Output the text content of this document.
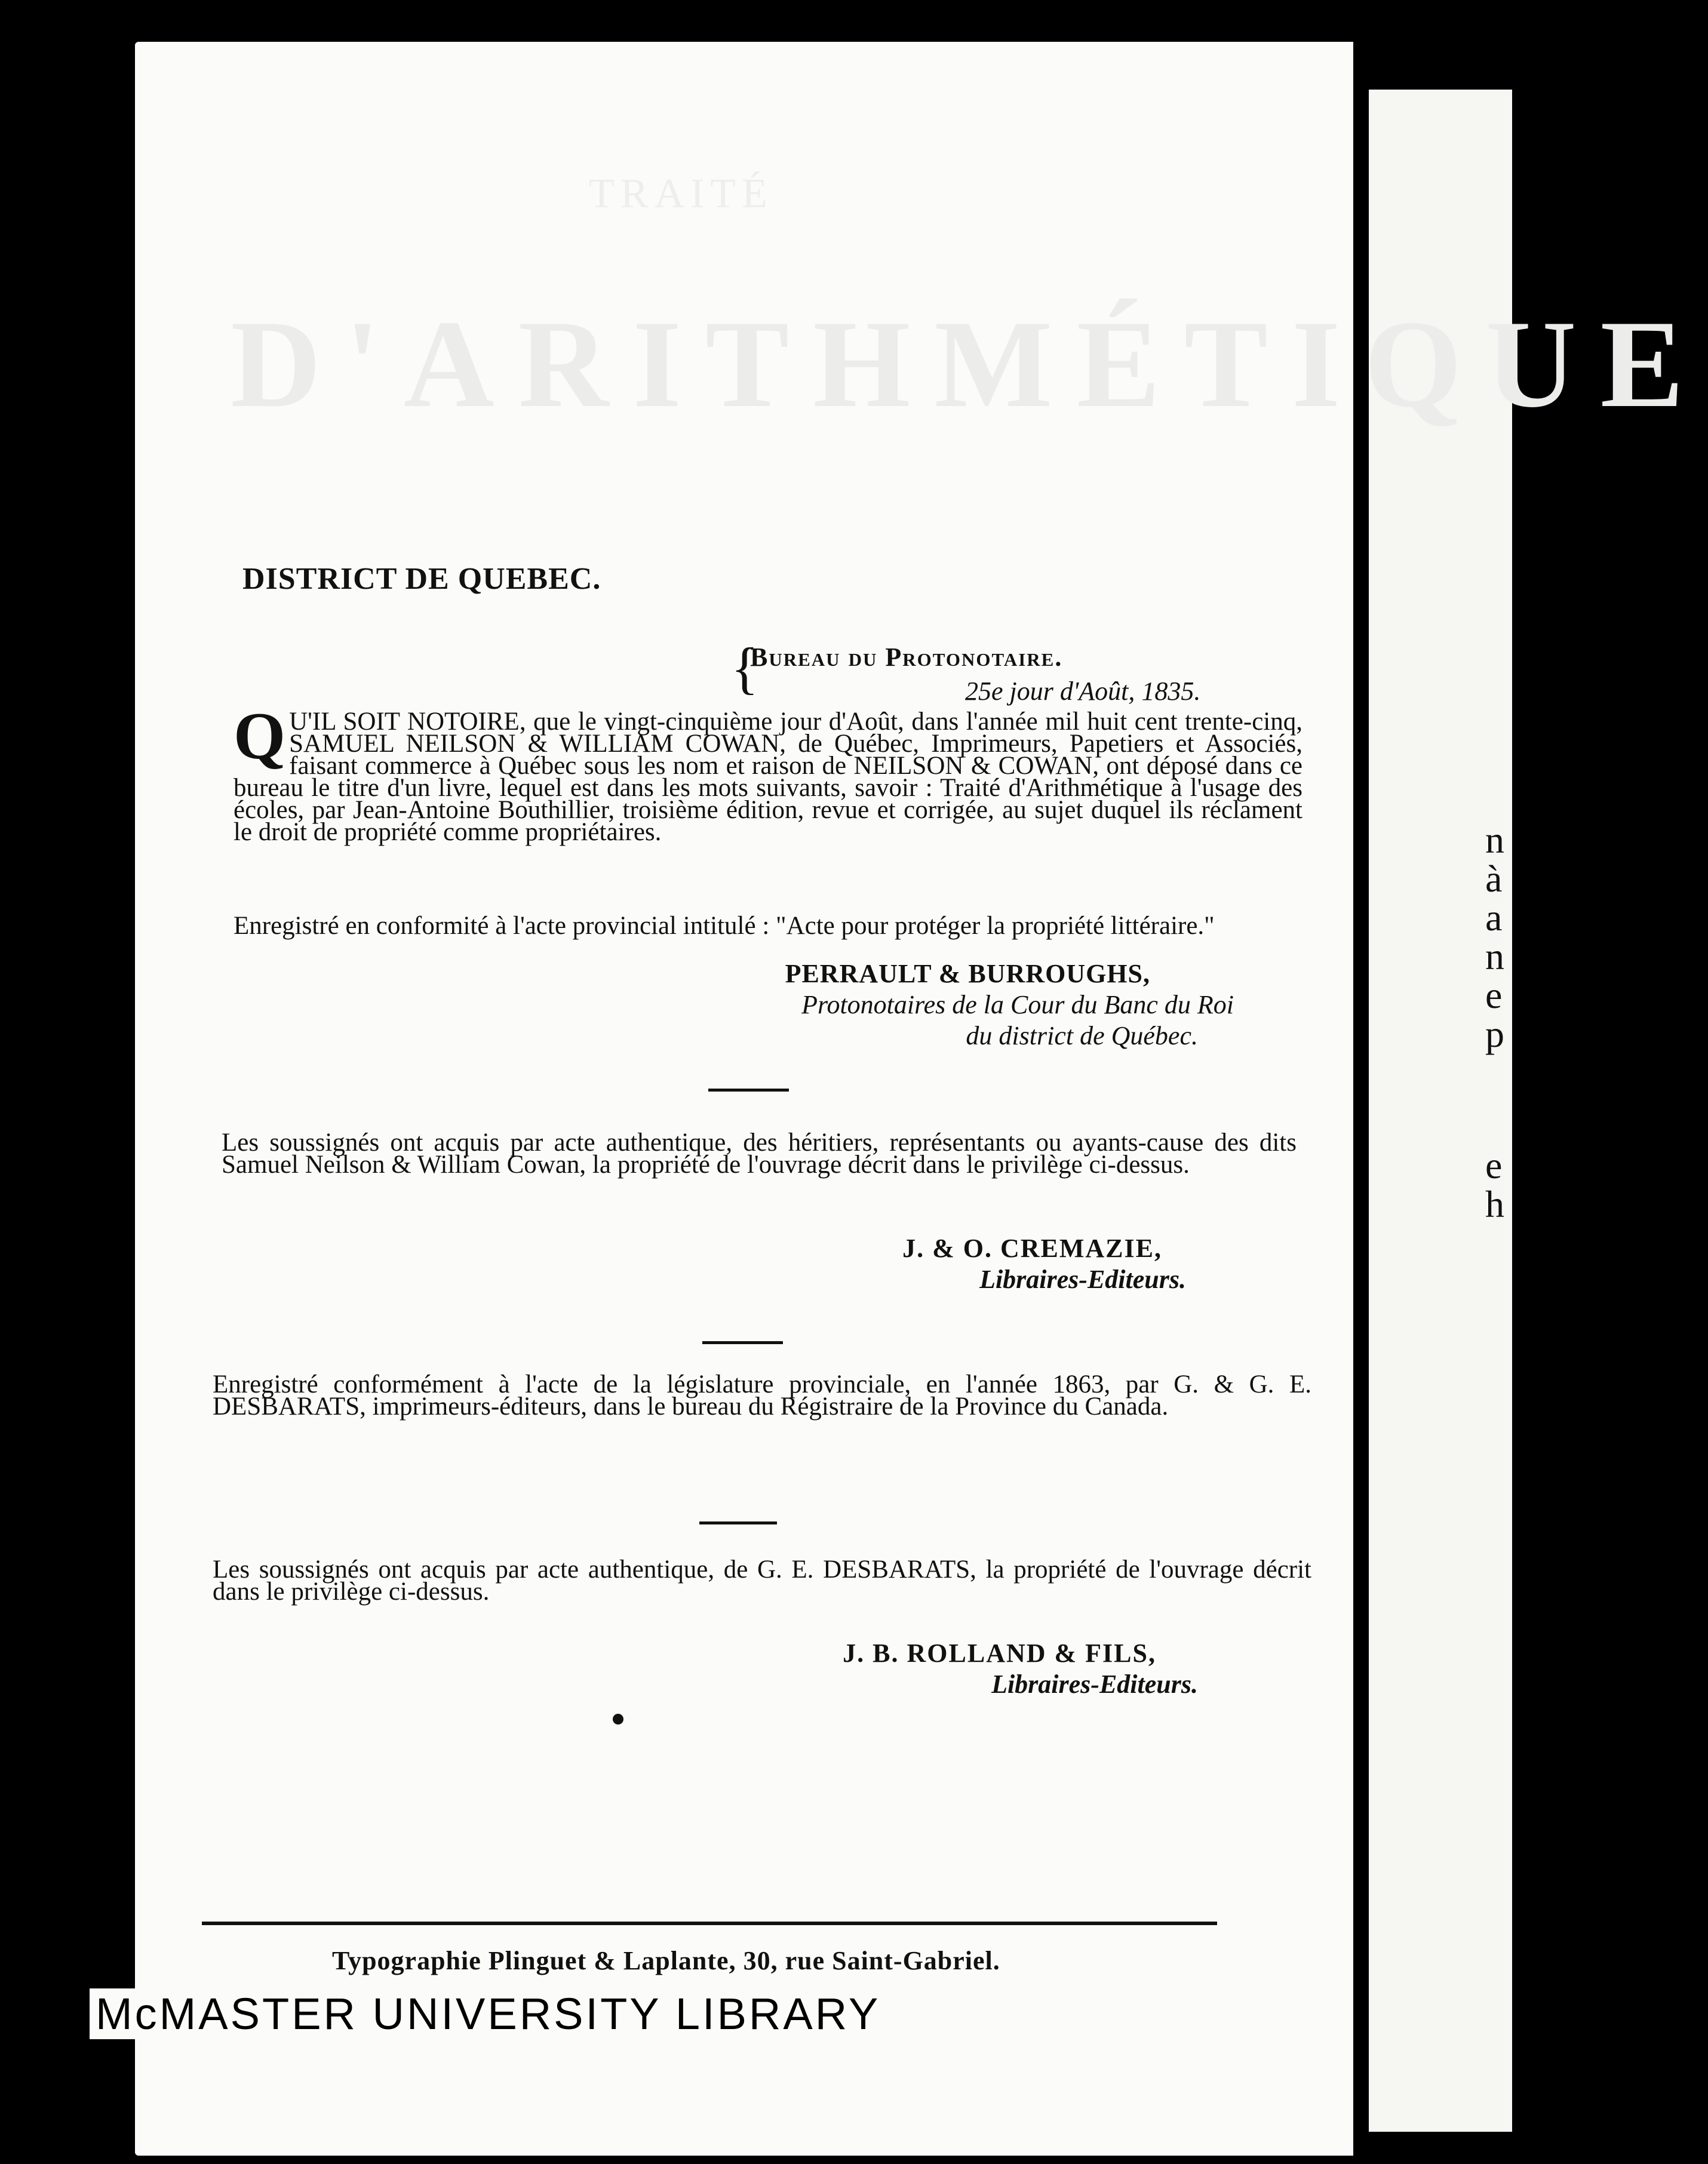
n
à
a
n
e
p
e
h
TRAITÉ
D'ARITHMÉTIQUE

DISTRICT DE QUEBEC.

{ Bureau du Protonotaire.

25e jour d'Août, 1835.

Q U'IL SOIT NOTOIRE, que le vingt-cinquième jour d'Août, dans l'année mil huit cent trente-cinq, SAMUEL NEILSON & WILLIAM COWAN, de Québec, Imprimeurs, Papetiers et Associés, faisant commerce à Québec sous les nom et raison de NEILSON & COWAN, ont déposé dans ce bureau le titre d'un livre, lequel est dans les mots suivants, savoir : Traité d'Arithmétique à l'usage des écoles, par Jean-Antoine Bouthillier, troisième édition, revue et corrigée, au sujet duquel ils réclament le droit de propriété comme propriétaires.
Enregistré en conformité à l'acte provincial intitulé : "Acte pour protéger la propriété littéraire."
PERRAULT & BURROUGHS,
Protonotaires de la Cour du Banc du Roi
du district de Québec.
Les soussignés ont acquis par acte authentique, des héritiers, représentants ou ayants-cause des dits Samuel Neilson & William Cowan, la propriété de l'ouvrage décrit dans le privilège ci-dessus.
J. & O. CREMAZIE,
Libraires-Editeurs.
Enregistré conformément à l'acte de la législature provinciale, en l'année 1863, par G. & G. E. DESBARATS, imprimeurs-éditeurs, dans le bureau du Régistraire de la Province du Canada.
Les soussignés ont acquis par acte authentique, de G. E. DESBARATS, la propriété de l'ouvrage décrit dans le privilège ci-dessus.
J. B. ROLLAND & FILS,
Libraires-Editeurs.
Typographie Plinguet & Laplante, 30, rue Saint-Gabriel.
McMASTER UNIVERSITY LIBRARY
